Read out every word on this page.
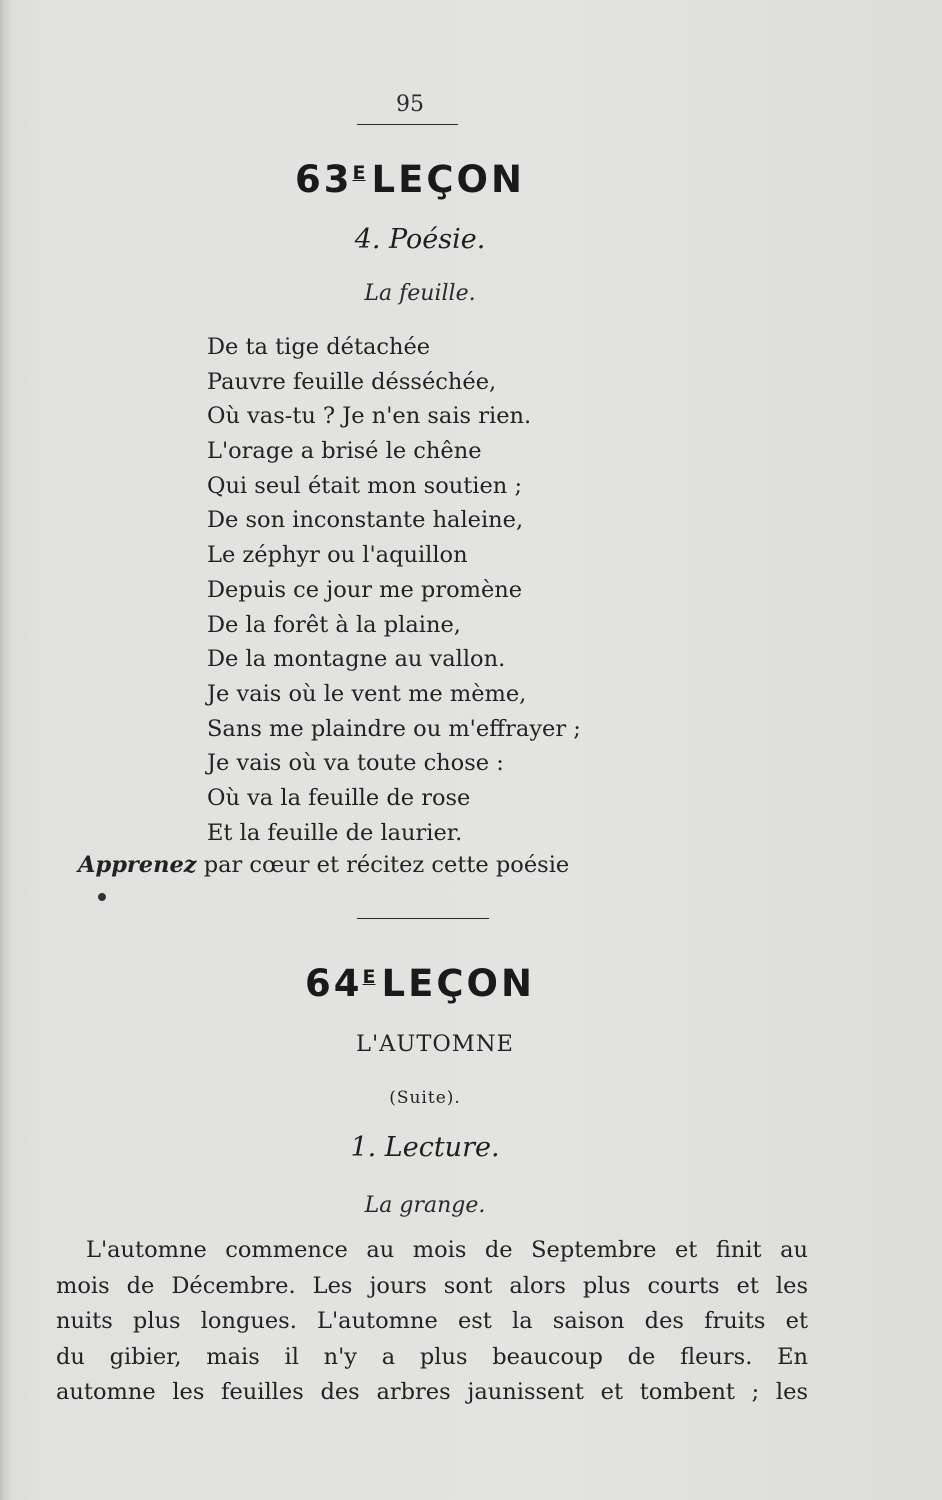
95
$63^E$ LEÇON
4. Poésie.
La feuille.
De ta tige détachée
Pauvre feuille désséchée,
Où vas-tu ? Je n'en sais rien.
L'orage a brisé le chêne
Qui seul était mon soutien ;
De son inconstante haleine,
Le zéphyr ou l'aquillon
Depuis ce jour me promène
De la forêt à la plaine,
De la montagne au vallon.
Je vais où le vent me mème,
Sans me plaindre ou m'effrayer ;
Je vais où va toute chose :
Où va la feuille de rose
Et la feuille de laurier.
Apprenez par cœur et récitez cette poésie
$64^E$ LEÇON
L'AUTOMNE
(Suite).
1. Lecture.
La grange.
L'automne commence au mois de Septembre et finit au
mois de Décembre. Les jours sont alors plus courts et les
nuits plus longues. L'automne est la saison des fruits et
du gibier, mais il n'y a plus beaucoup de fleurs. En
automne les feuilles des arbres jaunissent et tombent ; les
